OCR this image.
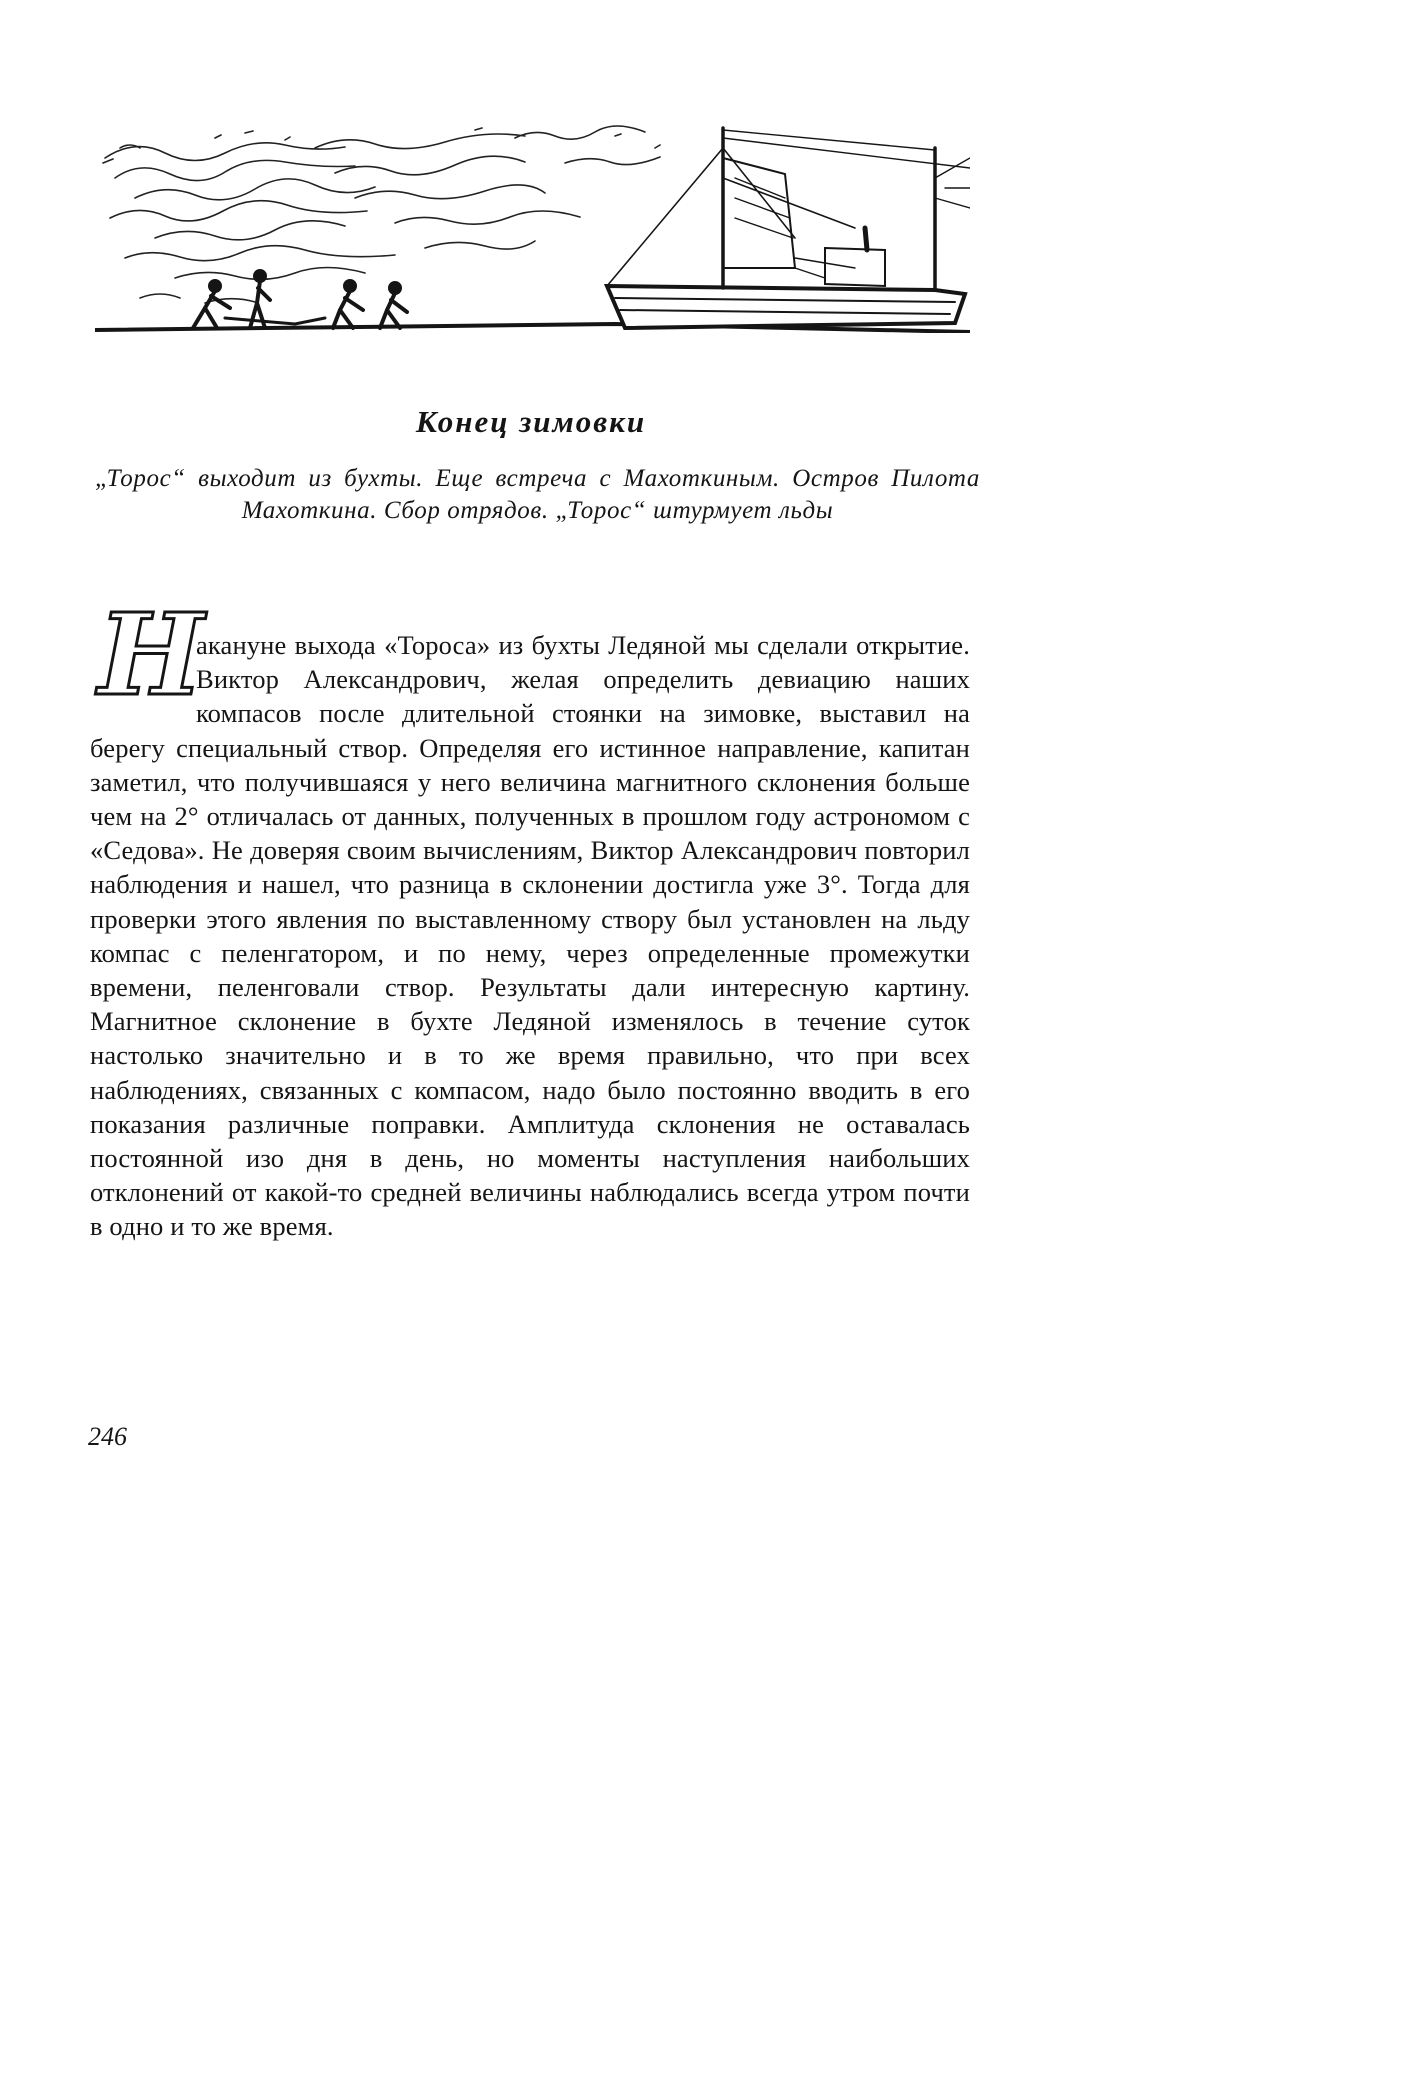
Конец зимовки

„Торос“ выходит из бухты. Еще встреча с Махоткиным. Остров Пилота Махоткина. Сбор отрядов. „Торос“ штурмует льды

Н
акануне выхода «Тороса» из бухты Ледяной мы сделали открытие. Виктор Александрович, желая определить девиацию наших компасов после длительной стоянки на зимовке, выставил на берегу специальный створ. Определяя его истинное направление, капитан заметил, что получившаяся у него величина магнитного склонения больше чем на 2° отличалась от данных, полученных в прошлом году астрономом с «Седова». Не доверяя своим вычислениям, Виктор Александрович повторил наблюдения и нашел, что разница в склонении достигла уже 3°. Тогда для проверки этого явления по выставленному створу был установлен на льду компас с пеленгатором, и по нему, через определенные промежутки времени, пеленговали створ. Результаты дали интересную картину. Магнитное склонение в бухте Ледяной изменялось в течение суток настолько значительно и в то же время правильно, что при всех наблюдениях, связанных с компасом, надо было постоянно вводить в его показания различные поправки. Амплитуда склонения не оставалась постоянной изо дня в день, но моменты наступления наибольших отклонений от какой-то средней величины наблюдались всегда утром почти в одно и то же время.

246
